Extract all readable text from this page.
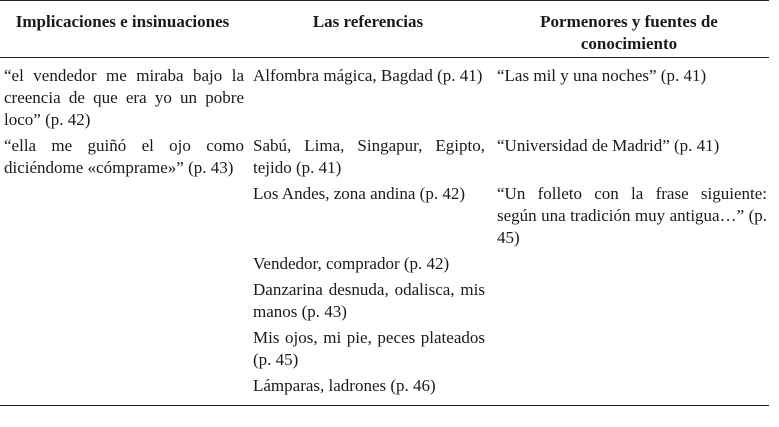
Implicaciones e insinuaciones	Las referencias	Pormenores y fuentes de conocimiento
“el vendedor me miraba bajo la creencia de que era yo un pobre loco” (p. 42)	Alfombra mágica, Bagdad (p. 41)	“Las mil y una noches” (p. 41)
“ella me guiñó el ojo como diciéndome «cómprame»” (p. 43)	Sabú, Lima, Singapur, Egipto, tejido (p. 41)	“Universidad de Madrid” (p. 41)
	Los Andes, zona andina (p. 42)	“Un folleto con la frase siguiente: según una tradición muy antigua…” (p. 45)
	Vendedor, comprador (p. 42)	
	Danzarina desnuda, odalisca, mis manos (p. 43)	
	Mis ojos, mi pie, peces plateados (p. 45)	
	Lámparas, ladrones (p. 46)	
